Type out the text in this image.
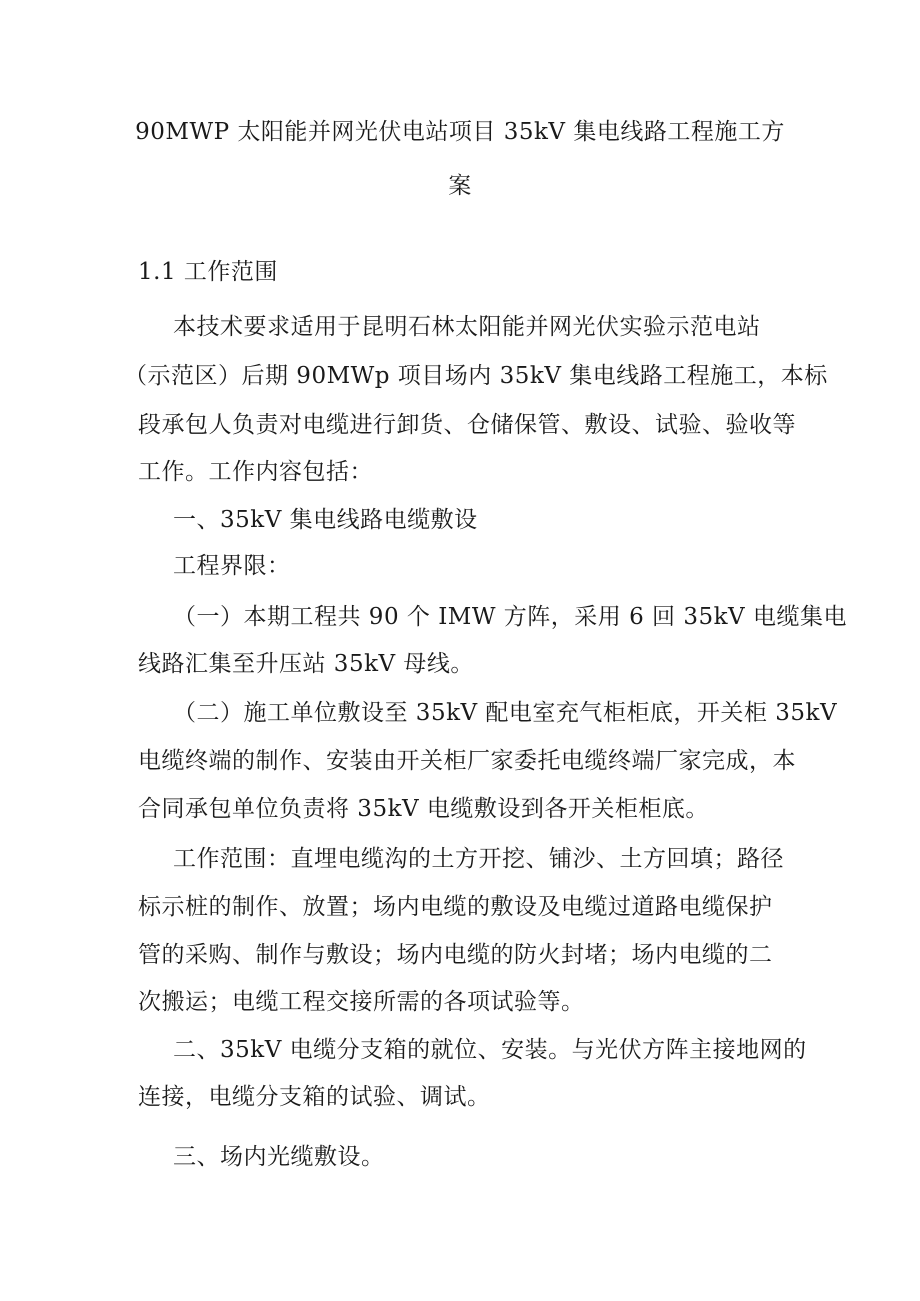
90MWP 太阳能并网光伏电站项目 35kV 集电线路工程施工方
案
1.1 工作范围
本技术要求适用于昆明石林太阳能并网光伏实验示范电站
（示范区）后期 90MWp 项目场内 35kV 集电线路工程施工，本标
段承包人负责对电缆进行卸货、仓储保管、敷设、试验、验收等
工作。工作内容包括：
一、35kV 集电线路电缆敷设
工程界限：
（一）本期工程共 90 个 IMW 方阵，采用 6 回 35kV 电缆集电
线路汇集至升压站 35kV 母线。
（二）施工单位敷设至 35kV 配电室充气柜柜底，开关柜 35kV
电缆终端的制作、安装由开关柜厂家委托电缆终端厂家完成，本
合同承包单位负责将 35kV 电缆敷设到各开关柜柜底。
工作范围：直埋电缆沟的土方开挖、铺沙、土方回填；路径
标示桩的制作、放置；场内电缆的敷设及电缆过道路电缆保护
管的采购、制作与敷设；场内电缆的防火封堵；场内电缆的二
次搬运；电缆工程交接所需的各项试验等。
二、35kV 电缆分支箱的就位、安装。与光伏方阵主接地网的
连接，电缆分支箱的试验、调试。
三、场内光缆敷设。
